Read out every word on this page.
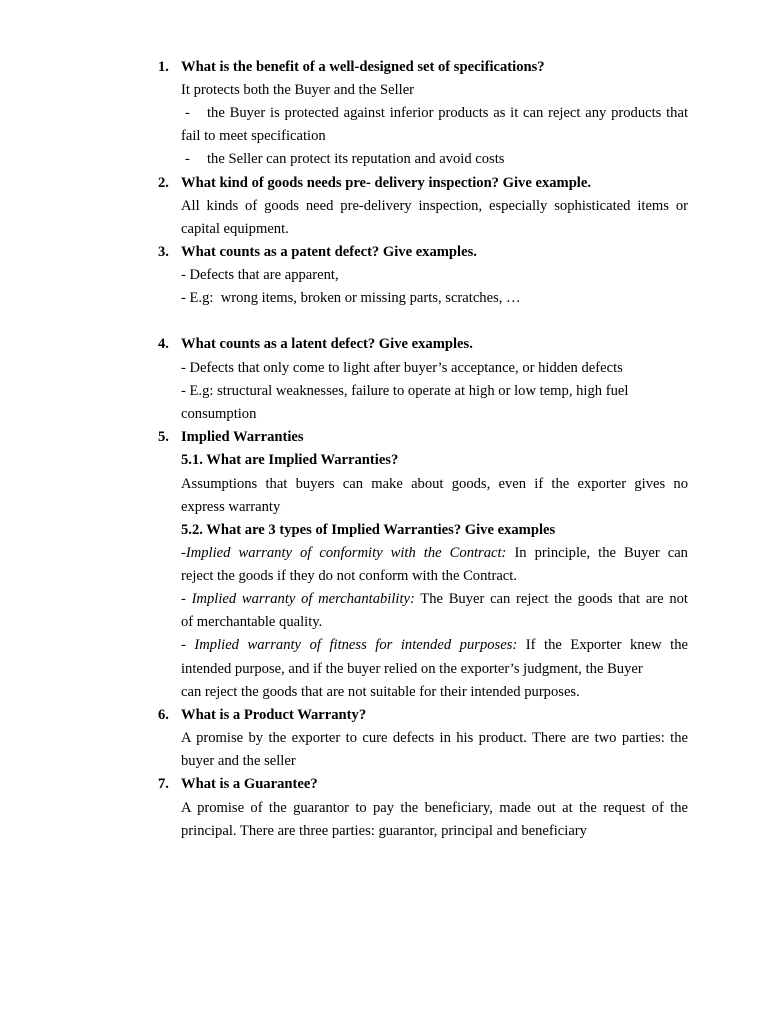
1. What is the benefit of a well-designed set of specifications?
It protects both the Buyer and the Seller
- the Buyer is protected against inferior products as it can reject any products that
fail to meet specification
- the Seller can protect its reputation and avoid costs
2. What kind of goods needs pre- delivery inspection? Give example.
All kinds of goods need pre-delivery inspection, especially sophisticated items or
capital equipment.
3. What counts as a patent defect? Give examples.
- Defects that are apparent,
- E.g:  wrong items, broken or missing parts, scratches, …
4. What counts as a latent defect? Give examples.
- Defects that only come to light after buyer’s acceptance, or hidden defects
- E.g: structural weaknesses, failure to operate at high or low temp, high fuel
consumption
5. Implied Warranties
5.1. What are Implied Warranties?
Assumptions that buyers can make about goods, even if the exporter gives no
express warranty
5.2. What are 3 types of Implied Warranties? Give examples
-Implied warranty of conformity with the Contract: In principle, the Buyer can
reject the goods if they do not conform with the Contract.
- Implied warranty of merchantability: The Buyer can reject the goods that are not
of merchantable quality.
- Implied warranty of fitness for intended purposes: If the Exporter knew the
intended purpose, and if the buyer relied on the exporter’s judgment, the Buyer
can reject the goods that are not suitable for their intended purposes.
6. What is a Product Warranty?
A promise by the exporter to cure defects in his product. There are two parties: the
buyer and the seller
7. What is a Guarantee?
A promise of the guarantor to pay the beneficiary, made out at the request of the
principal. There are three parties: guarantor, principal and beneficiary
